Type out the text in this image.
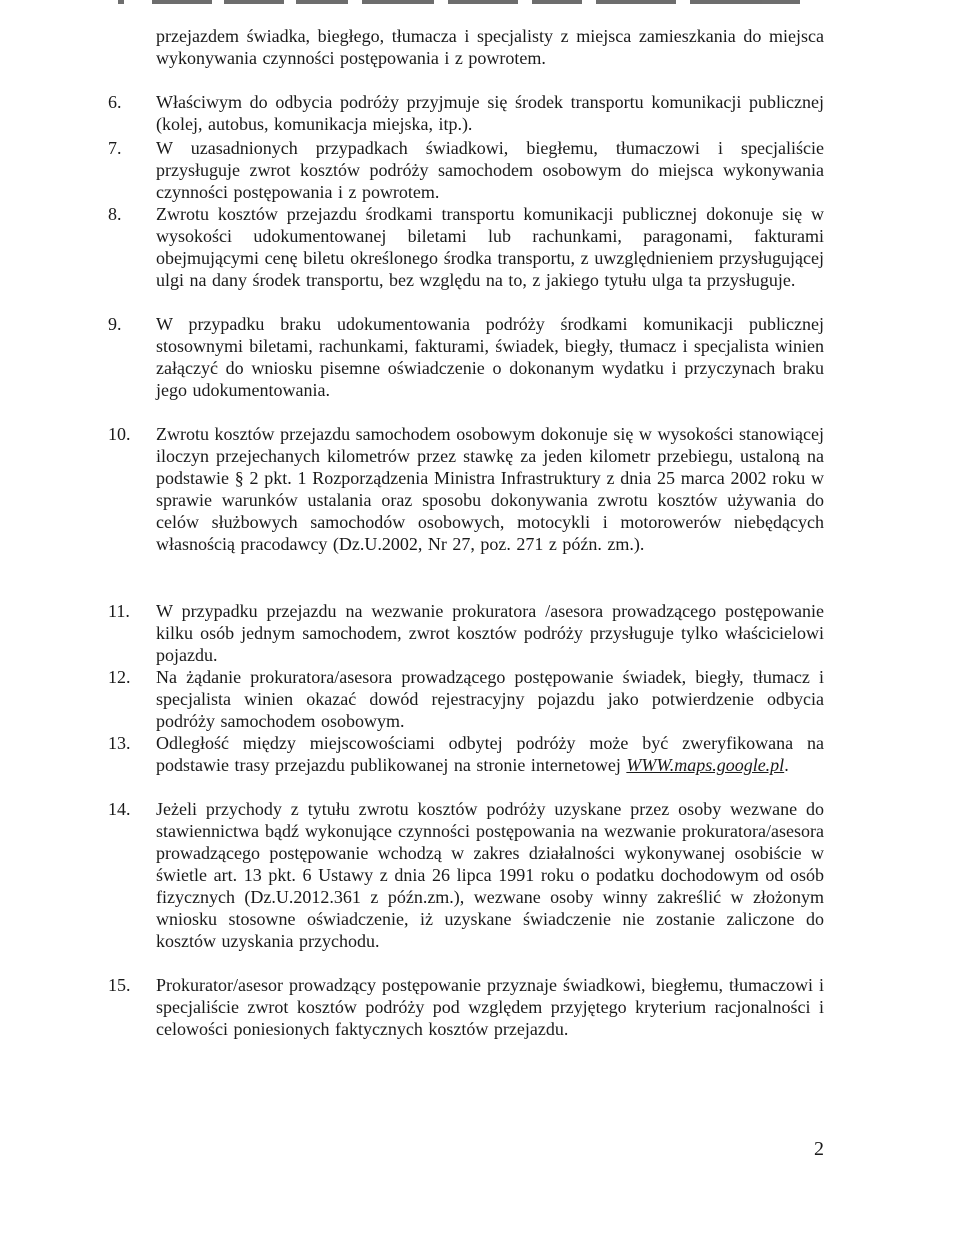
przejazdem świadka, biegłego, tłumacza i specjalisty z miejsca zamieszkania do miejsca wykonywania czynności postępowania i z powrotem.
6.	Właściwym do odbycia podróży przyjmuje się środek transportu komunikacji publicznej (kolej, autobus, komunikacja miejska, itp.).
7.	W uzasadnionych przypadkach świadkowi, biegłemu, tłumaczowi i specjaliście przysługuje zwrot kosztów podróży samochodem osobowym do miejsca wykonywania czynności postępowania i z powrotem.
8.	Zwrotu kosztów przejazdu środkami transportu komunikacji publicznej dokonuje się w wysokości udokumentowanej biletami lub rachunkami, paragonami, fakturami obejmującymi cenę biletu określonego środka transportu, z uwzględnieniem przysługującej ulgi na dany środek transportu, bez względu na to, z jakiego tytułu ulga ta przysługuje.
9.	W przypadku braku udokumentowania podróży środkami komunikacji publicznej stosownymi biletami, rachunkami, fakturami, świadek, biegły, tłumacz i specjalista winien załączyć do wniosku pisemne oświadczenie o dokonanym wydatku i przyczynach braku jego udokumentowania.
10.	Zwrotu kosztów przejazdu samochodem osobowym dokonuje się w wysokości stanowiącej iloczyn przejechanych kilometrów przez stawkę za jeden kilometr przebiegu, ustaloną na podstawie § 2 pkt. 1 Rozporządzenia Ministra Infrastruktury z dnia 25 marca 2002 roku w sprawie warunków ustalania oraz sposobu dokonywania zwrotu kosztów używania do celów służbowych samochodów osobowych, motocykli i motorowerów niebędących własnością pracodawcy (Dz.U.2002, Nr 27, poz. 271 z późn. zm.).
11.	W przypadku przejazdu na wezwanie prokuratora /asesora prowadzącego postępowanie kilku osób jednym samochodem, zwrot kosztów podróży przysługuje tylko właścicielowi pojazdu.
12.	Na żądanie prokuratora/asesora prowadzącego postępowanie świadek, biegły, tłumacz i specjalista winien okazać dowód rejestracyjny pojazdu jako potwierdzenie odbycia podróży samochodem osobowym.
13.	Odległość między miejscowościami odbytej podróży może być zweryfikowana na podstawie trasy przejazdu publikowanej na stronie internetowej WWW.maps.google.pl.
14.	Jeżeli przychody z tytułu zwrotu kosztów podróży uzyskane przez osoby wezwane do stawiennictwa bądź wykonujące czynności postępowania na wezwanie prokuratora/asesora prowadzącego postępowanie wchodzą w zakres działalności wykonywanej osobiście w świetle art. 13 pkt. 6 Ustawy z dnia 26 lipca 1991 roku o podatku dochodowym od osób fizycznych (Dz.U.2012.361 z późn.zm.), wezwane osoby winny zakreślić w złożonym wniosku stosowne oświadczenie, iż uzyskane świadczenie nie zostanie zaliczone do kosztów uzyskania przychodu.
15.	Prokurator/asesor prowadzący postępowanie przyznaje świadkowi, biegłemu, tłumaczowi i specjaliście zwrot kosztów podróży pod względem przyjętego kryterium racjonalności i celowości poniesionych faktycznych kosztów przejazdu.
2
